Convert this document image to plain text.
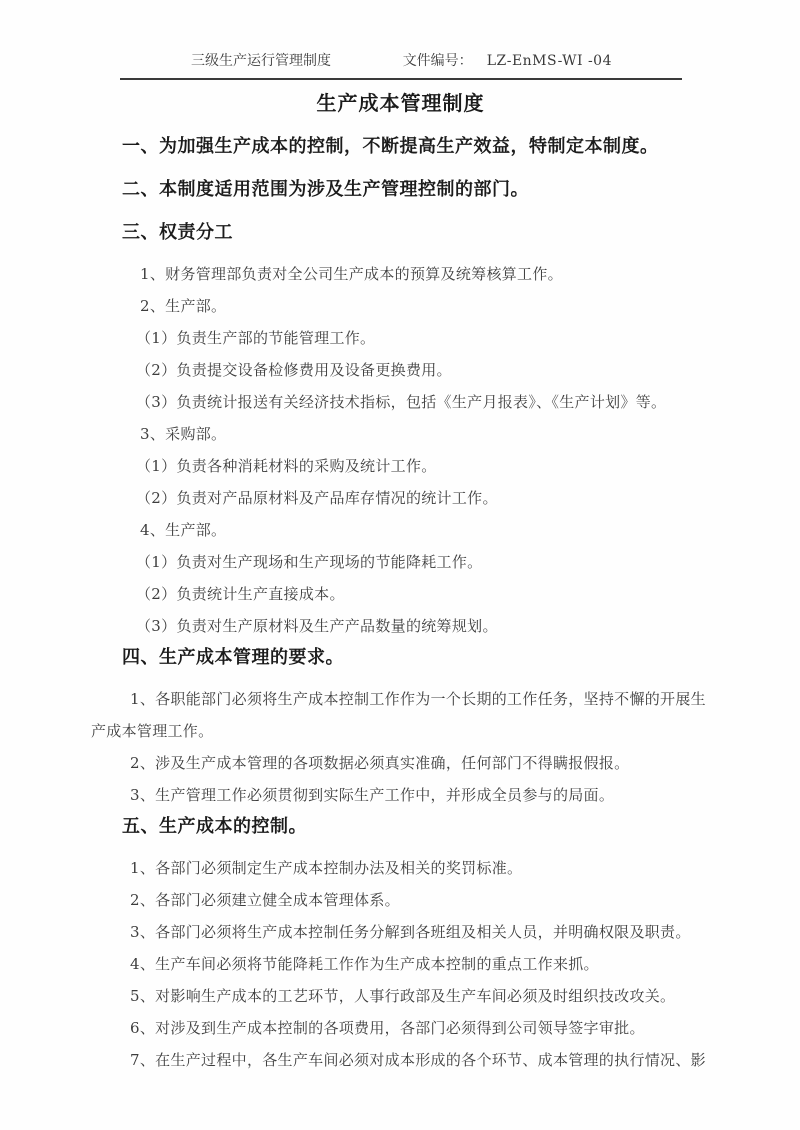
三级生产运行管理制度	文件编号： LZ-EnMS-WI -04
生产成本管理制度

一、为加强生产成本的控制，不断提高生产效益，特制定本制度。

二、本制度适用范围为涉及生产管理控制的部门。

三、权责分工

1、财务管理部负责对全公司生产成本的预算及统筹核算工作。

2、生产部。

（1）负责生产部的节能管理工作。

（2）负责提交设备检修费用及设备更换费用。

（3）负责统计报送有关经济技术指标，包括《生产月报表》、《生产计划》等。

3、采购部。

（1）负责各种消耗材料的采购及统计工作。

（2）负责对产品原材料及产品库存情况的统计工作。

4、生产部。

（1）负责对生产现场和生产现场的节能降耗工作。

（2）负责统计生产直接成本。

（3）负责对生产原材料及生产产品数量的统筹规划。

四、生产成本管理的要求。

1、各职能部门必须将生产成本控制工作作为一个长期的工作任务，坚持不懈的开展生产成本管理工作。

2、涉及生产成本管理的各项数据必须真实准确，任何部门不得瞒报假报。

3、生产管理工作必须贯彻到实际生产工作中，并形成全员参与的局面。

五、生产成本的控制。

1、各部门必须制定生产成本控制办法及相关的奖罚标准。

2、各部门必须建立健全成本管理体系。

3、各部门必须将生产成本控制任务分解到各班组及相关人员，并明确权限及职责。

4、生产车间必须将节能降耗工作作为生产成本控制的重点工作来抓。

5、对影响生产成本的工艺环节，人事行政部及生产车间必须及时组织技改攻关。

6、对涉及到生产成本控制的各项费用，各部门必须得到公司领导签字审批。

7、在生产过程中，各生产车间必须对成本形成的各个环节、成本管理的执行情况、影
